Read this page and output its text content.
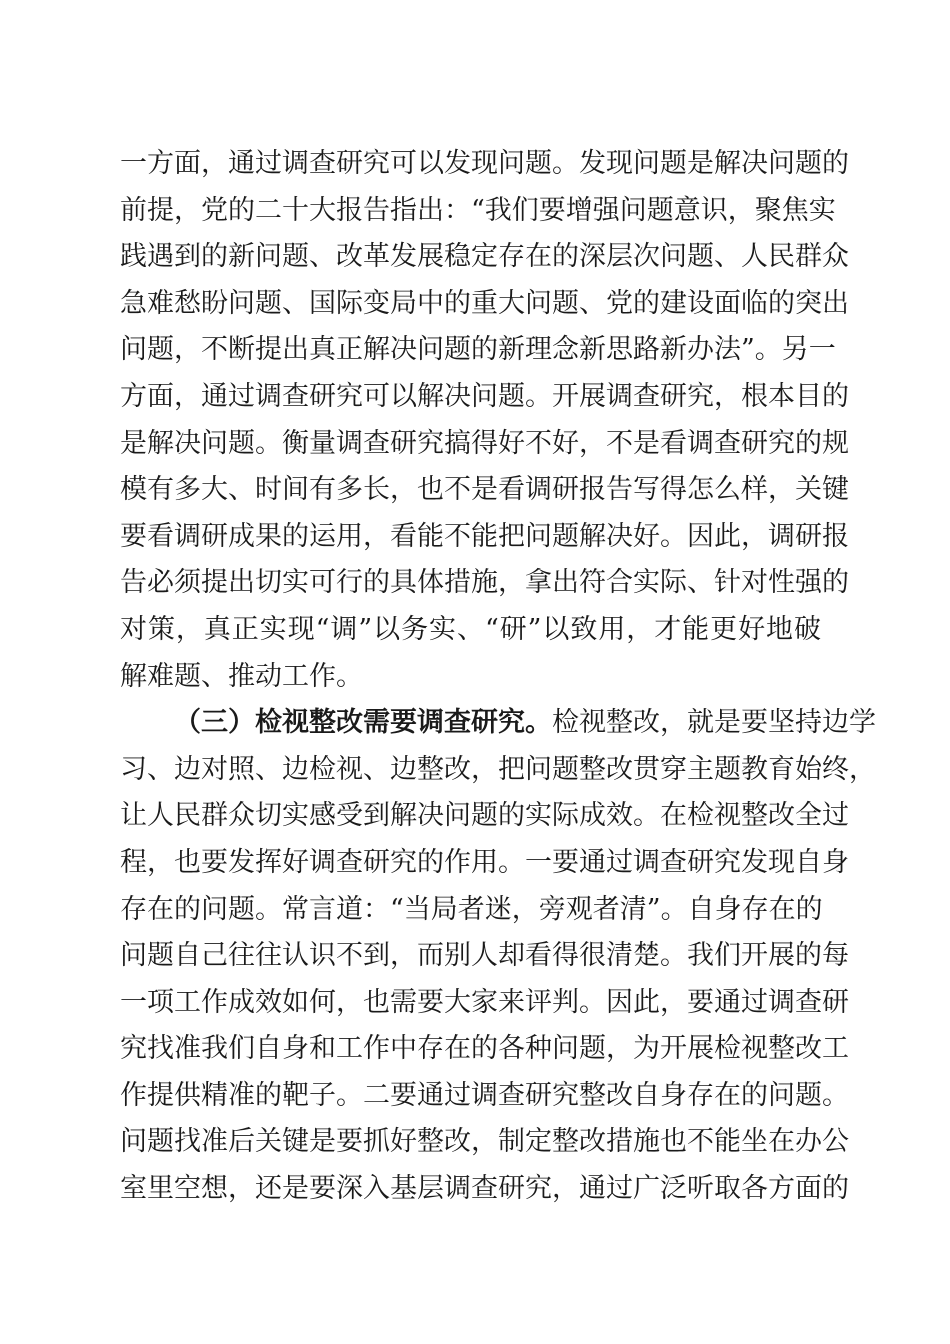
一方面，通过调查研究可以发现问题。发现问题是解决问题的
前提，党的二十大报告指出：“我们要增强问题意识，聚焦实
践遇到的新问题、改革发展稳定存在的深层次问题、人民群众
急难愁盼问题、国际变局中的重大问题、党的建设面临的突出
问题，不断提出真正解决问题的新理念新思路新办法”。另一
方面，通过调查研究可以解决问题。开展调查研究，根本目的
是解决问题。衡量调查研究搞得好不好，不是看调查研究的规
模有多大、时间有多长，也不是看调研报告写得怎么样，关键
要看调研成果的运用，看能不能把问题解决好。因此，调研报
告必须提出切实可行的具体措施，拿出符合实际、针对性强的
对策，真正实现“调”以务实、“研”以致用，才能更好地破
解难题、推动工作。
（三）检视整改需要调查研究。检视整改，就是要坚持边学
习、边对照、边检视、边整改，把问题整改贯穿主题教育始终，
让人民群众切实感受到解决问题的实际成效。在检视整改全过
程，也要发挥好调查研究的作用。一要通过调查研究发现自身
存在的问题。常言道：“当局者迷，旁观者清”。自身存在的
问题自己往往认识不到，而别人却看得很清楚。我们开展的每
一项工作成效如何，也需要大家来评判。因此，要通过调查研
究找准我们自身和工作中存在的各种问题，为开展检视整改工
作提供精准的靶子。二要通过调查研究整改自身存在的问题。
问题找准后关键是要抓好整改，制定整改措施也不能坐在办公
室里空想，还是要深入基层调查研究，通过广泛听取各方面的
